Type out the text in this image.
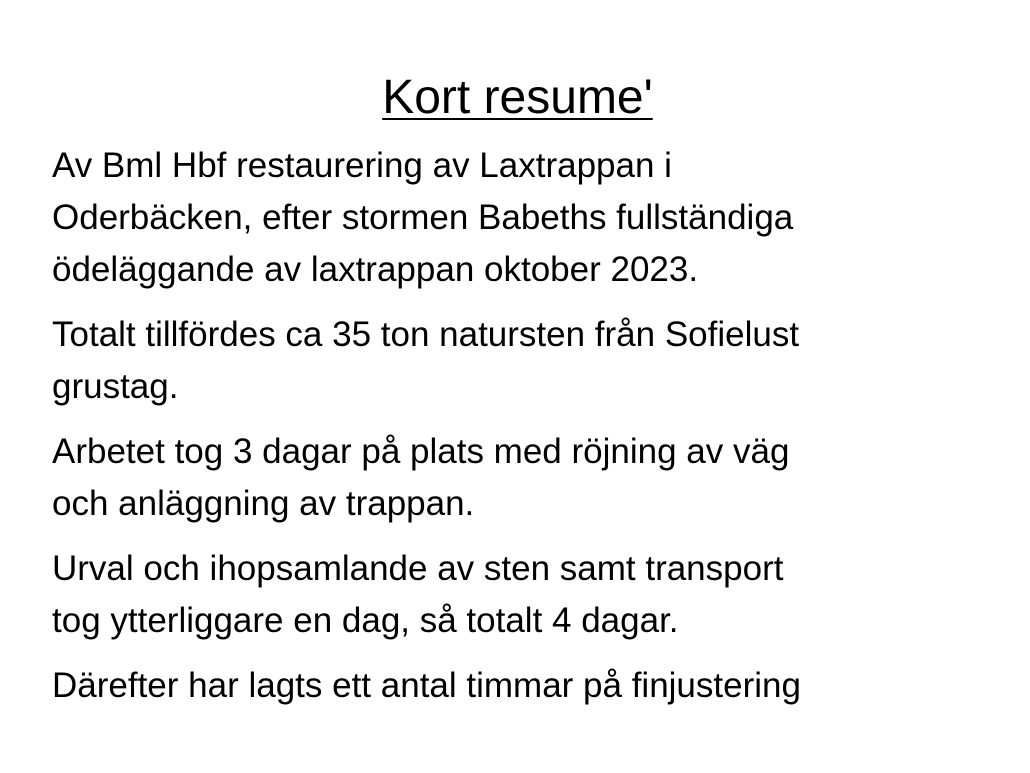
Kort resume'

Av Bml Hbf restaurering av Laxtrappan i
Oderbäcken, efter stormen Babeths fullständiga
ödeläggande av laxtrappan oktober 2023.

Totalt tillfördes ca 35 ton natursten från Sofielust
grustag.

Arbetet tog 3 dagar på plats med röjning av väg
och anläggning av trappan.

Urval och ihopsamlande av sten samt transport
tog ytterliggare en dag, så totalt 4 dagar.

Därefter har lagts ett antal timmar på finjustering
